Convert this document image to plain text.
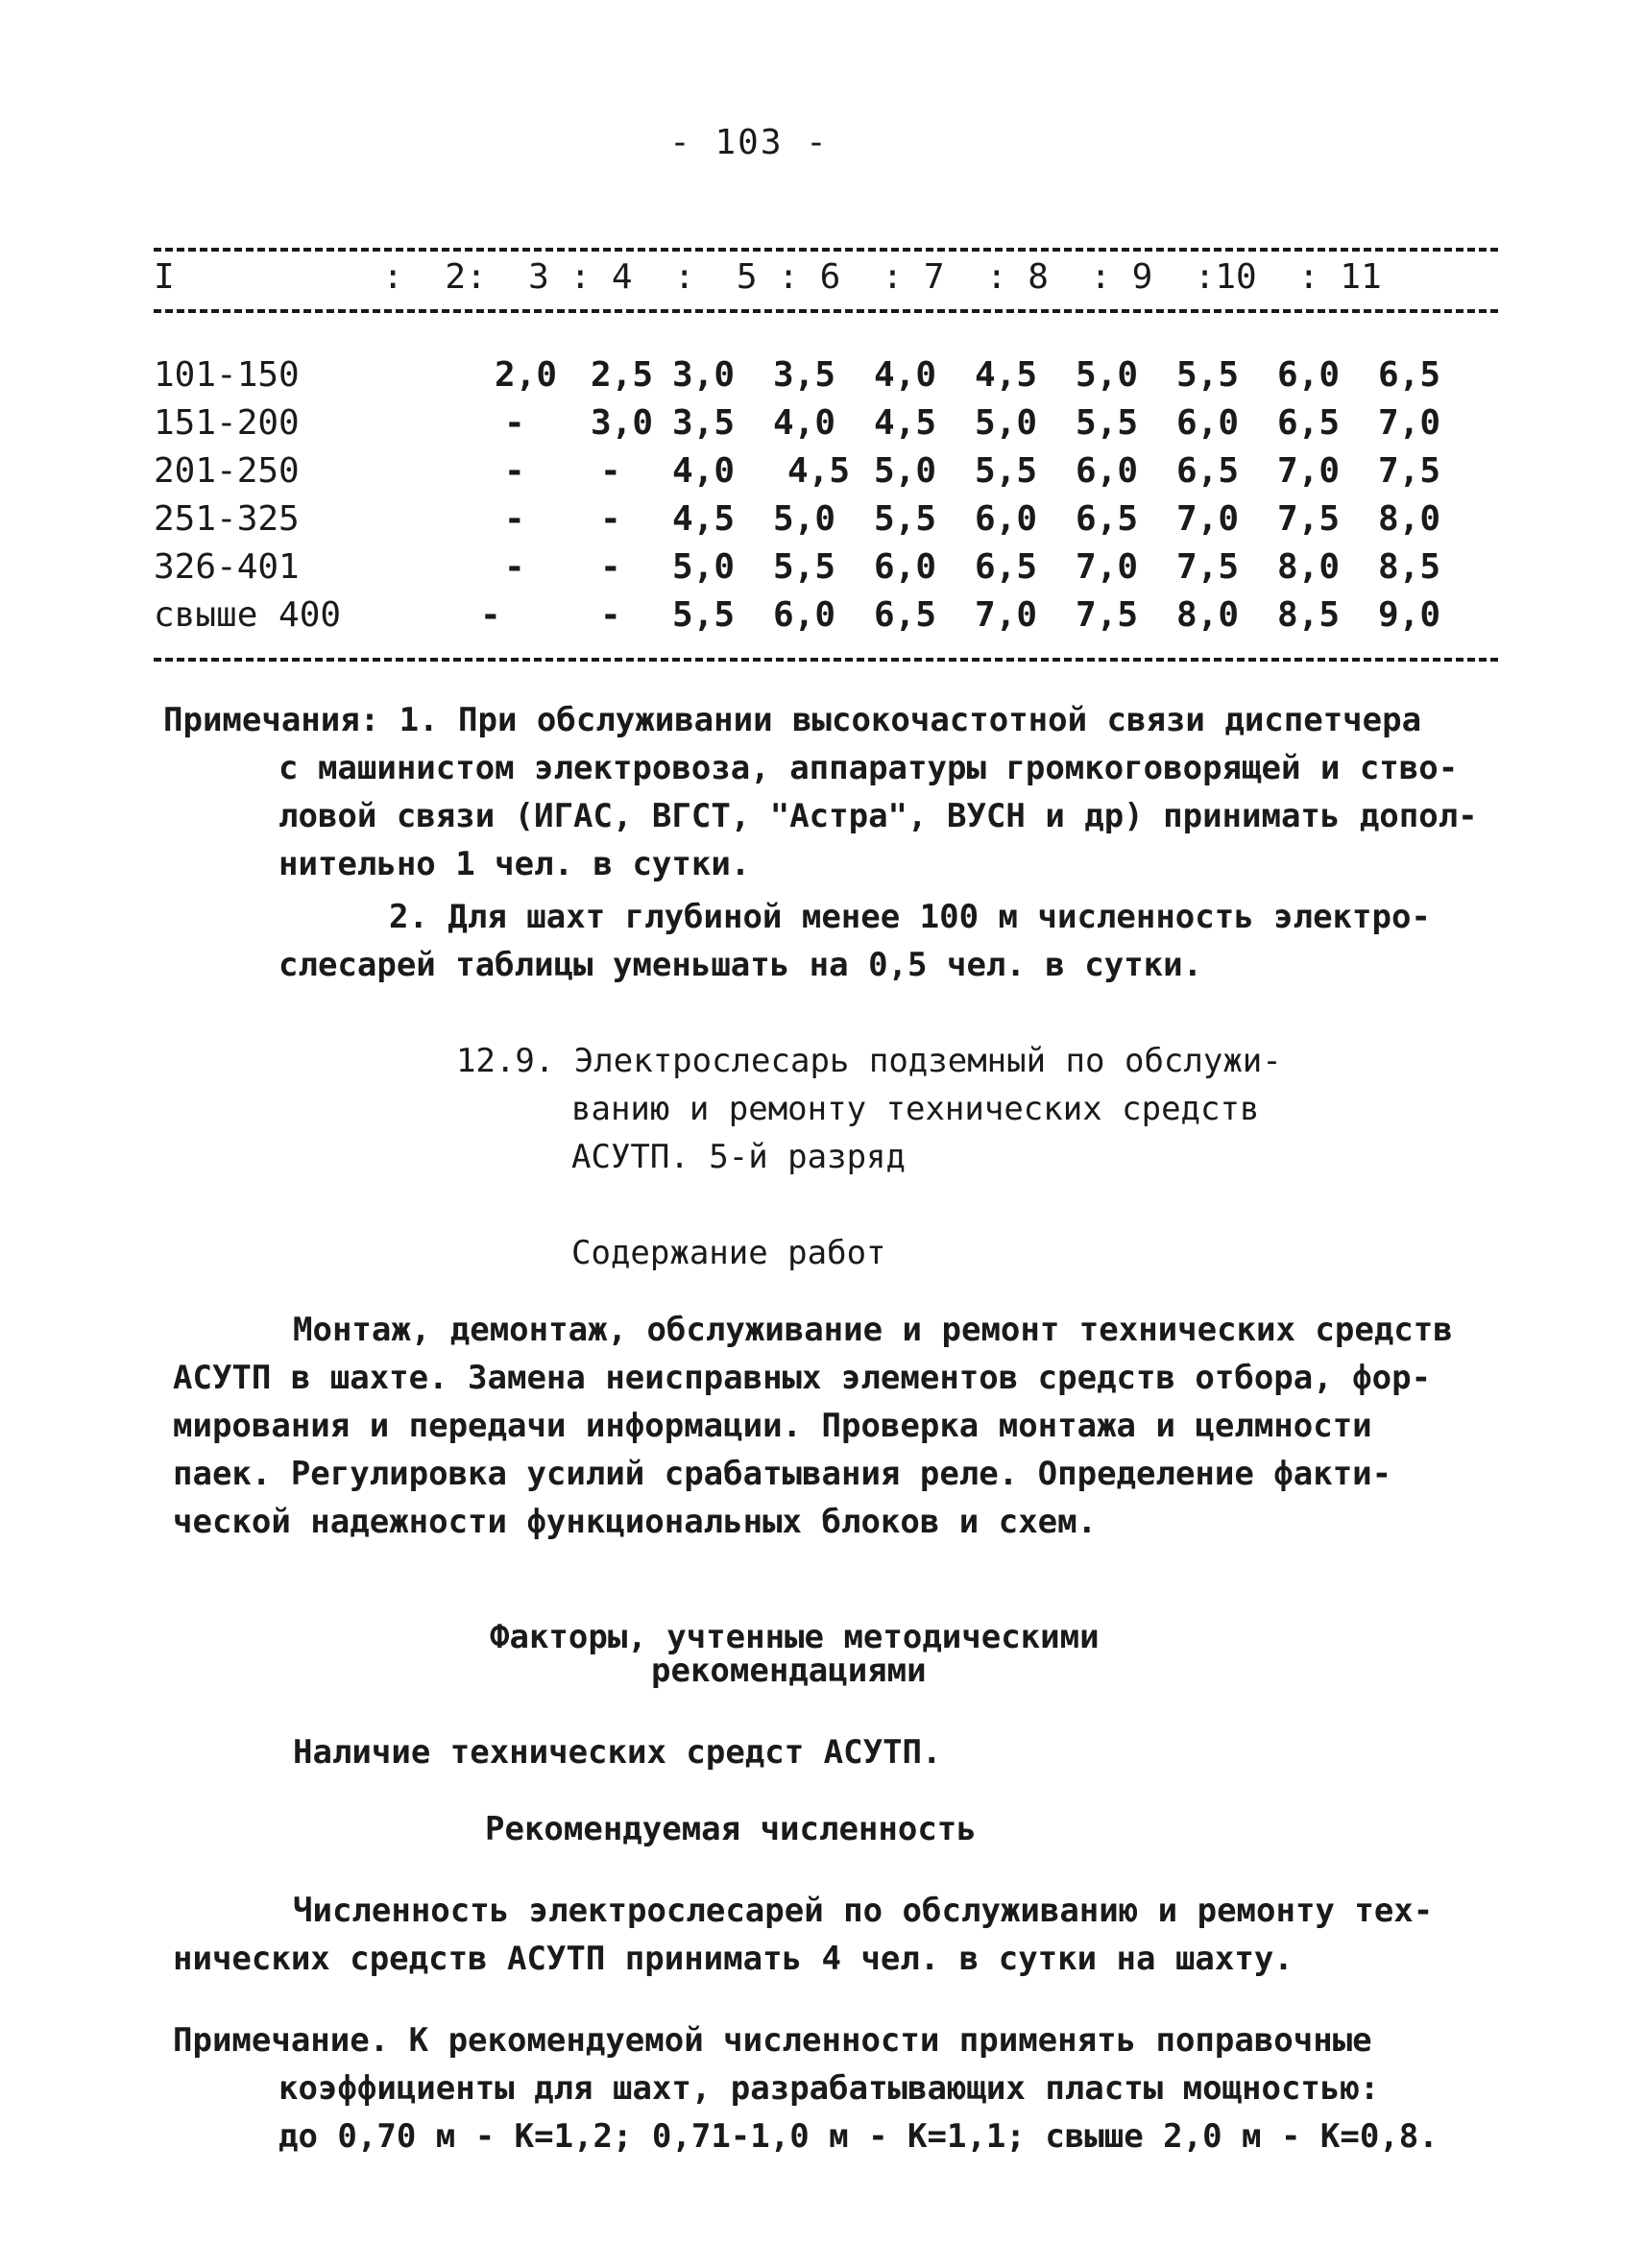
- 103 -
I          :  2:  3 : 4  :  5 : 6  : 7  : 8  : 9  :10  : 11
101-150	2,0 2,5 3,0 3,5 4,0 4,5 5,0 5,5 6,0 6,5
151-200	- 3,0 3,5 4,0 4,5 5,0 5,5 6,0 6,5 7,0
201-250	- - 4,0 4,5 5,0 5,5 6,0 6,5 7,0 7,5
251-325	- - 4,5 5,0 5,5 6,0 6,5 7,0 7,5 8,0
326-401	- - 5,0 5,5 6,0 6,5 7,0 7,5 8,0 8,5
свыше 400	-	- 5,5 6,0 6,5 7,0 7,5 8,0 8,5 9,0
Примечания: 1. При обслуживании высокочастотной связи диспетчера
с машинистом электровоза, аппаратуры громкоговорящей и ство-
ловой связи (ИГАС, ВГСТ, "Астра", ВУСН и др) принимать допол-
нительно 1 чел. в сутки.
2. Для шахт глубиной менее 100 м численность электро-
слесарей таблицы уменьшать на 0,5 чел. в сутки.
12.9. Электрослесарь подземный по обслужи-
ванию и ремонту технических средств
АСУТП. 5-й разряд
Содержание работ
Монтаж, демонтаж, обслуживание и ремонт технических средств
АСУТП в шахте. Замена неисправных элементов средств отбора, фор-
мирования и передачи информации. Проверка монтажа и целмности
паек. Регулировка усилий срабатывания реле. Определение факти-
ческой надежности функциональных блоков и схем.
Факторы, учтенные методическими
рекомендациями
Наличие технических средст АСУТП.
Рекомендуемая численность
Численность электрослесарей по обслуживанию и ремонту тех-
нических средств АСУТП принимать 4 чел. в сутки на шахту.
Примечание. К рекомендуемой численности применять поправочные
коэффициенты для шахт, разрабатывающих пласты мощностью:
до 0,70 м - К=1,2; 0,71-1,0 м - К=1,1; свыше 2,0 м - К=0,8.
